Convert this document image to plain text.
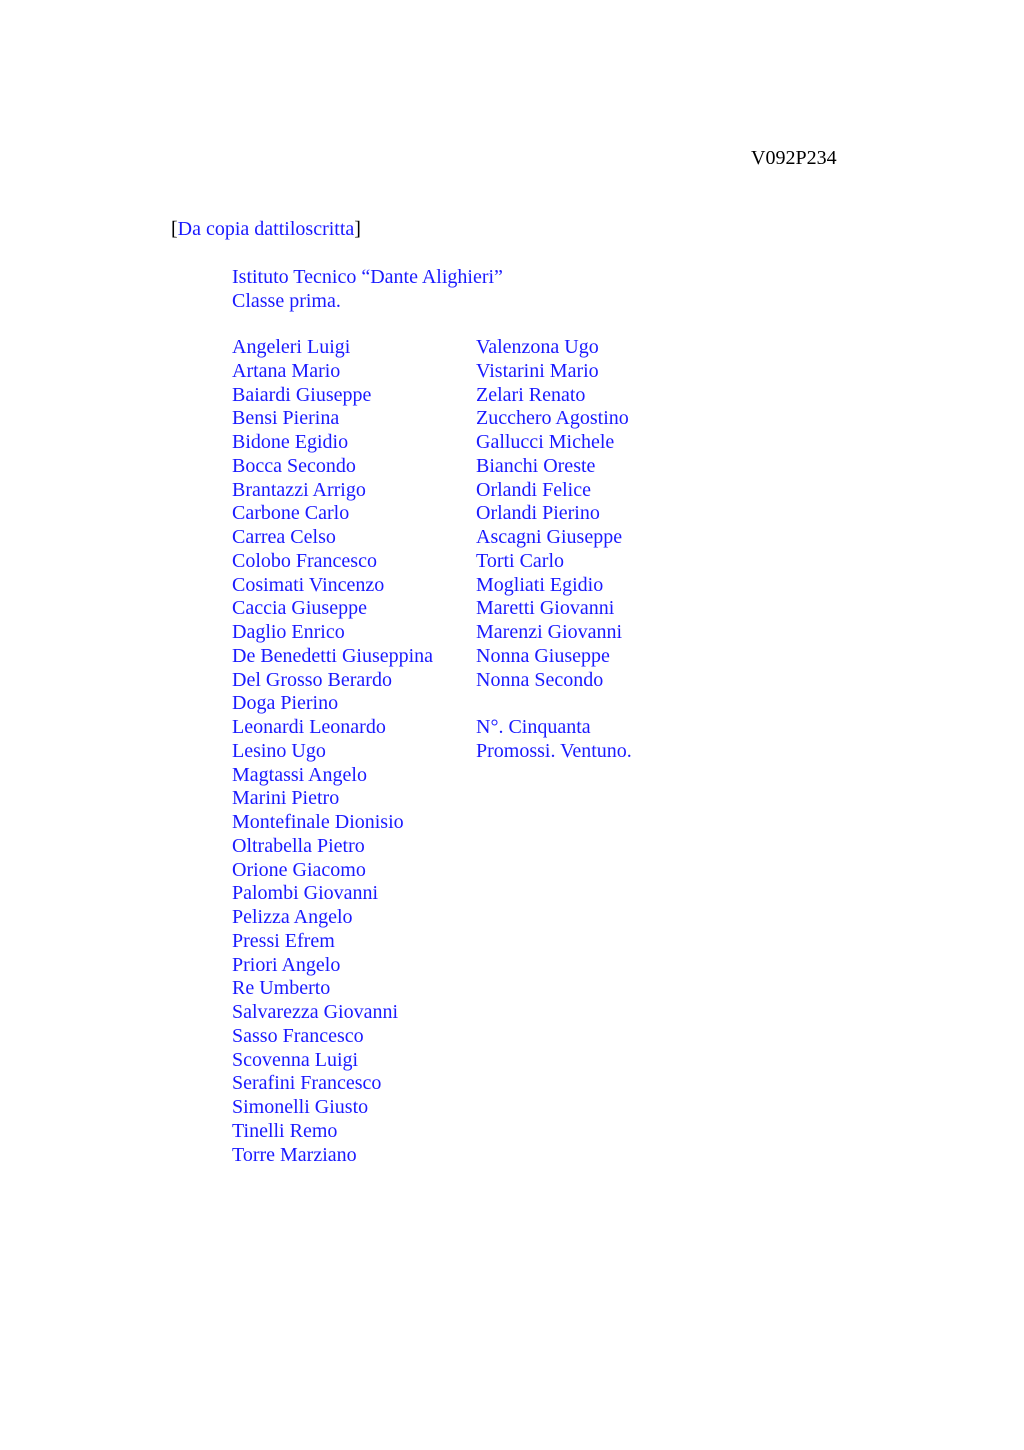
V092P234
[Da copia dattiloscritta]
Istituto Tecnico “Dante Alighieri”
Classe prima.
Angeleri Luigi
Artana Mario
Baiardi Giuseppe
Bensi Pierina
Bidone Egidio
Bocca Secondo
Brantazzi Arrigo
Carbone Carlo
Carrea Celso
Colobo Francesco
Cosimati Vincenzo
Caccia Giuseppe
Daglio Enrico
De Benedetti Giuseppina
Del Grosso Berardo
Doga Pierino
Leonardi Leonardo
Lesino Ugo
Magtassi Angelo
Marini Pietro
Montefinale Dionisio
Oltrabella Pietro
Orione Giacomo
Palombi Giovanni
Pelizza Angelo
Pressi Efrem
Priori Angelo
Re Umberto
Salvarezza Giovanni
Sasso Francesco
Scovenna Luigi
Serafini Francesco
Simonelli Giusto
Tinelli Remo
Torre Marziano
Valenzona Ugo
Vistarini Mario
Zelari Renato
Zucchero Agostino
Gallucci Michele
Bianchi Oreste
Orlandi Felice
Orlandi Pierino
Ascagni Giuseppe
Torti Carlo
Mogliati Egidio
Maretti Giovanni
Marenzi Giovanni
Nonna Giuseppe
Nonna Secondo
N°. Cinquanta
Promossi. Ventuno.
